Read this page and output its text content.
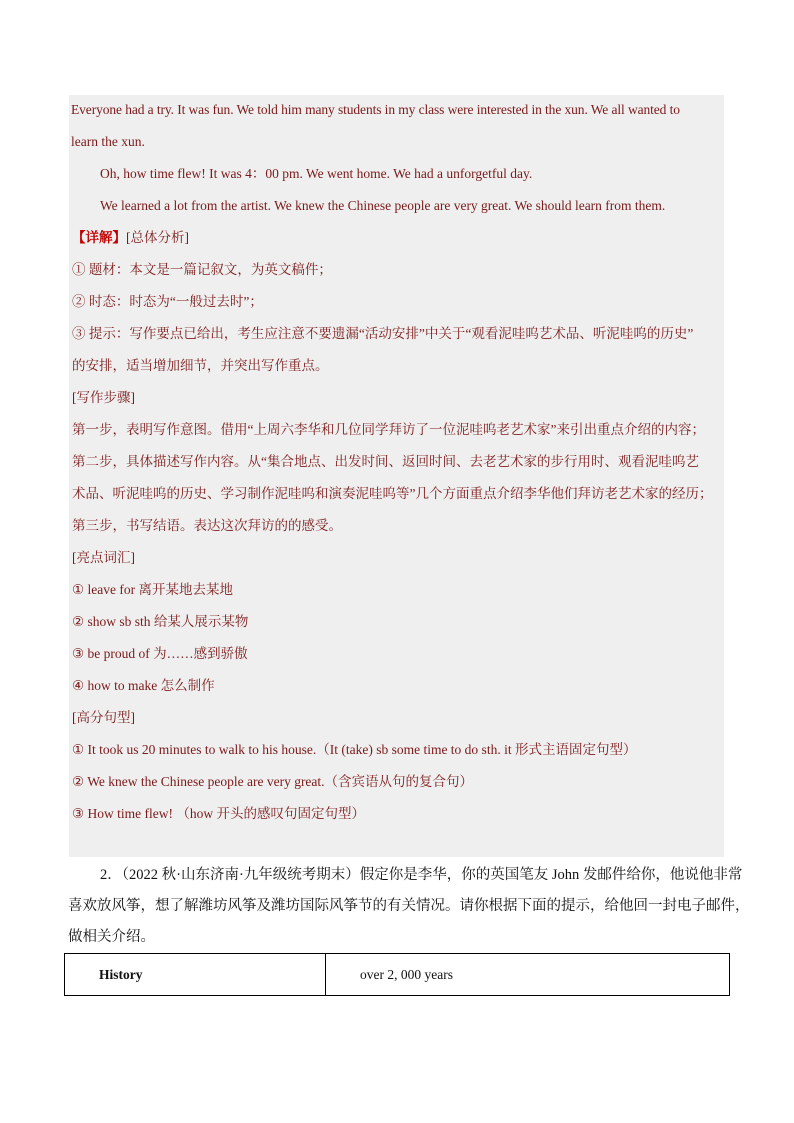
Everyone had a try. It was fun. We told him many students in my class were interested in the xun. We all wanted to
learn the xun.
Oh, how time flew! It was 4：00 pm. We went home. We had a unforgetful day.
We learned a lot from the artist. We knew the Chinese people are very great. We should learn from them.
【详解】[总体分析]
① 题材：本文是一篇记叙文，为英文稿件；
② 时态：时态为“一般过去时”；
③ 提示：写作要点已给出，考生应注意不要遗漏“活动安排”中关于“观看泥哇呜艺术品、听泥哇呜的历史”
的安排，适当增加细节，并突出写作重点。
[写作步骤]
第一步，表明写作意图。借用“上周六李华和几位同学拜访了一位泥哇呜老艺术家”来引出重点介绍的内容；
第二步，具体描述写作内容。从“集合地点、出发时间、返回时间、去老艺术家的步行用时、观看泥哇呜艺
术品、听泥哇呜的历史、学习制作泥哇呜和演奏泥哇呜等”几个方面重点介绍李华他们拜访老艺术家的经历；
第三步，书写结语。表达这次拜访的的感受。
[亮点词汇]
① leave for 离开某地去某地
② show sb sth 给某人展示某物
③ be proud of 为……感到骄傲
④ how to make 怎么制作
[高分句型]
① It took us 20 minutes to walk to his house.（It (take) sb some time to do sth. it 形式主语固定句型）
② We knew the Chinese people are very great.（含宾语从句的复合句）
③ How time flew! （how 开头的感叹句固定句型）
2．（2022 秋·山东济南·九年级统考期末）假定你是李华，你的英国笔友 John 发邮件给你，他说他非常
喜欢放风筝，想了解潍坊风筝及潍坊国际风筝节的有关情况。请你根据下面的提示，给他回一封电子邮件，
做相关介绍。
History	over 2, 000 years
